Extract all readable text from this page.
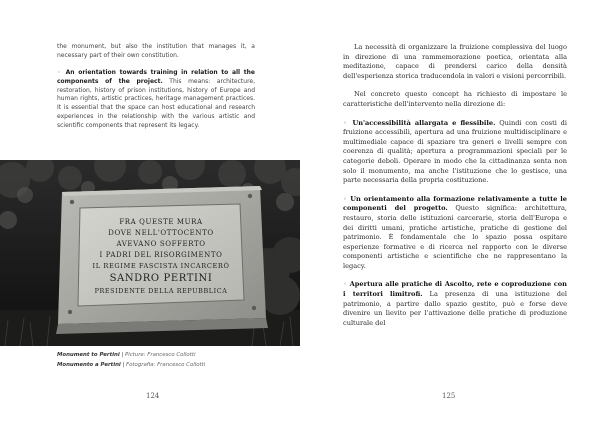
the monument, but also the institution that manages it, a necessary part of their own constitution.

◦ An orientation towards training in relation to all the components of the project. This means: architecture, restoration, history of prison institutions, history of Europe and human rights, artistic practices, heritage management practices. It is essential that the space can host educational and research experiences in the relationship with the various artistic and scientific components that represent its legacy.

FRA QUESTE MURA
DOVE NELL'OTTOCENTO
AVEVANO SOFFERTO
I PADRI DEL RISORGIMENTO
IL REGIME FASCISTA INCARCERÒ
SANDRO PERTINI
PRESIDENTE DELLA REPUBBLICA
Monument to Pertini | Picture: Francesco Collotti
Monumento a Pertini | Fotografia: Francesco Collotti
124

La necessità di organizzare la fruizione complessiva del luogo in direzione di una rammemorazione poetica, orientata alla meditazione, capace di prendersi carico della densità dell'esperienza storica traducendola in valori e visioni percorribili.

Nel concreto questo concept ha richiesto di impostare le caratteristiche dell'intervento nella direzione di:

◦ Un'accessibilità allargata e flessibile. Quindi con costi di fruizione accessibili, apertura ad una fruizione multidisciplinare e multimediale capace di spaziare tra generi e livelli sempre con coerenza di qualità; apertura a programmazioni speciali per le categorie deboli. Operare in modo che la cittadinanza senta non solo il monumento, ma anche l'istituzione che lo gestisce, una parte necessaria della propria costituzione.

◦ Un orientamento alla formazione relativamente a tutte le componenti del progetto. Questo significa: architettura, restauro, storia delle istituzioni carcerarie, storia dell'Europa e dei diritti umani, pratiche artistiche, pratiche di gestione del patrimonio. È fondamentale che lo spazio possa ospitare esperienze formative e di ricerca nel rapporto con le diverse componenti artistiche e scientifiche che ne rappresentano la legacy.

◦ Apertura alle pratiche di Ascolto, rete e coproduzione con i territori limitrofi. La presenza di una istituzione del patrimonio, a partire dallo spazio gestito, può e forse deve divenire un lievito per l'attivazione delle pratiche di produzione culturale del

125
